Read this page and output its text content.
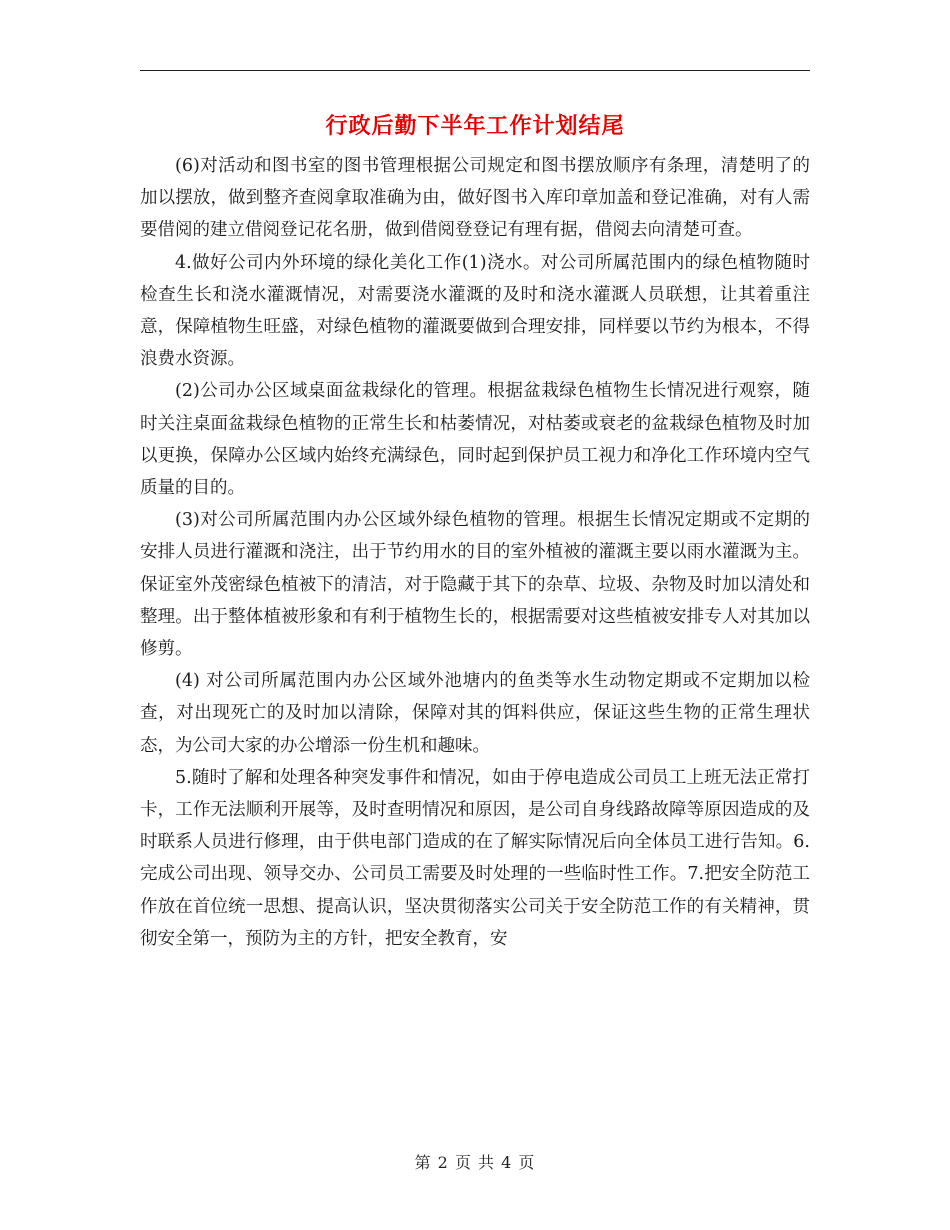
行政后勤下半年工作计划结尾

(6)对活动和图书室的图书管理根据公司规定和图书摆放顺序有条理，清楚明了的加以摆放，做到整齐查阅拿取准确为由，做好图书入库印章加盖和登记准确，对有人需要借阅的建立借阅登记花名册，做到借阅登登记有理有据，借阅去向清楚可查。

4.做好公司内外环境的绿化美化工作(1)浇水。对公司所属范围内的绿色植物随时检查生长和浇水灌溉情况，对需要浇水灌溉的及时和浇水灌溉人员联想，让其着重注意，保障植物生旺盛，对绿色植物的灌溉要做到合理安排，同样要以节约为根本，不得浪费水资源。

(2)公司办公区域桌面盆栽绿化的管理。根据盆栽绿色植物生长情况进行观察，随时关注桌面盆栽绿色植物的正常生长和枯萎情况，对枯萎或衰老的盆栽绿色植物及时加以更换，保障办公区域内始终充满绿色，同时起到保护员工视力和净化工作环境内空气质量的目的。

(3)对公司所属范围内办公区域外绿色植物的管理。根据生长情况定期或不定期的安排人员进行灌溉和浇注，出于节约用水的目的室外植被的灌溉主要以雨水灌溉为主。保证室外茂密绿色植被下的清洁，对于隐藏于其下的杂草、垃圾、杂物及时加以清处和整理。出于整体植被形象和有利于植物生长的，根据需要对这些植被安排专人对其加以修剪。

(4) 对公司所属范围内办公区域外池塘内的鱼类等水生动物定期或不定期加以检查，对出现死亡的及时加以清除，保障对其的饵料供应，保证这些生物的正常生理状态，为公司大家的办公增添一份生机和趣味。

5.随时了解和处理各种突发事件和情况，如由于停电造成公司员工上班无法正常打卡，工作无法顺利开展等，及时查明情况和原因，是公司自身线路故障等原因造成的及时联系人员进行修理，由于供电部门造成的在了解实际情况后向全体员工进行告知。6.完成公司出现、领导交办、公司员工需要及时处理的一些临时性工作。7.把安全防范工作放在首位统一思想、提高认识，坚决贯彻落实公司关于安全防范工作的有关精神，贯彻安全第一，预防为主的方针，把安全教育，安

第 2 页 共 4 页
